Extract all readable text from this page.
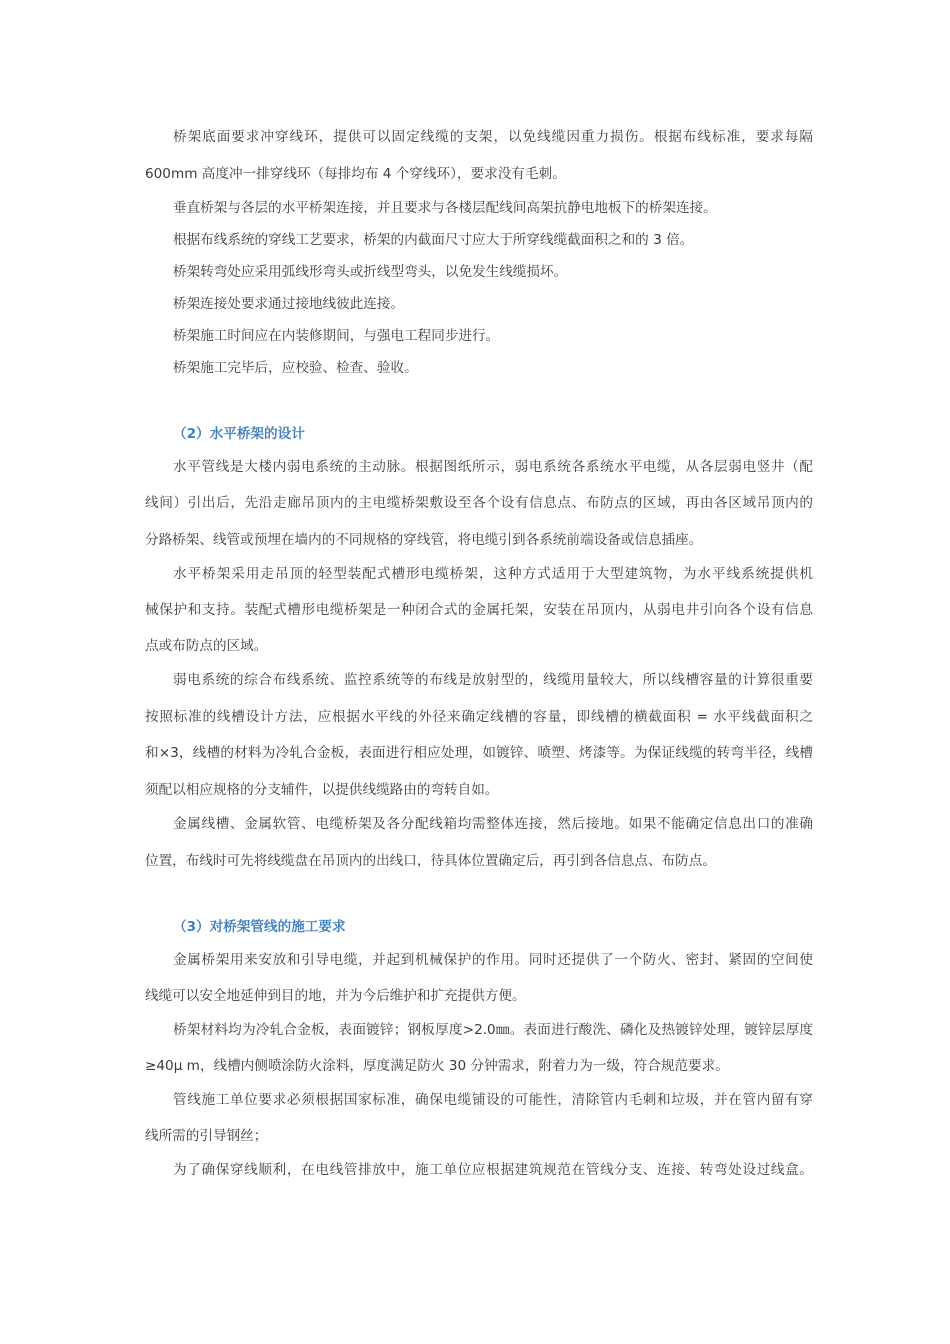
桥架底面要求冲穿线环，提供可以固定线缆的支架，以免线缆因重力损伤。根据布线标准，要求每隔

600mm 高度冲一排穿线环（每排均布 4 个穿线环），要求没有毛刺。

垂直桥架与各层的水平桥架连接，并且要求与各楼层配线间高架抗静电地板下的桥架连接。

根据布线系统的穿线工艺要求，桥架的内截面尺寸应大于所穿线缆截面积之和的 3 倍。

桥架转弯处应采用弧线形弯头或折线型弯头，以免发生线缆损坏。

桥架连接处要求通过接地线彼此连接。

桥架施工时间应在内装修期间，与强电工程同步进行。

桥架施工完毕后，应校验、检查、验收。

（2）水平桥架的设计

水平管线是大楼内弱电系统的主动脉。根据图纸所示，弱电系统各系统水平电缆，从各层弱电竖井（配

线间）引出后，先沿走廊吊顶内的主电缆桥架敷设至各个设有信息点、布防点的区域，再由各区域吊顶内的

分路桥架、线管或预埋在墙内的不同规格的穿线管，将电缆引到各系统前端设备或信息插座。

水平桥架采用走吊顶的轻型装配式槽形电缆桥架，这种方式适用于大型建筑物，为水平线系统提供机

械保护和支持。装配式槽形电缆桥架是一种闭合式的金属托架，安装在吊顶内，从弱电井引向各个设有信息

点或布防点的区域。

弱电系统的综合布线系统、监控系统等的布线是放射型的，线缆用量较大，所以线槽容量的计算很重要

按照标准的线槽设计方法，应根据水平线的外径来确定线槽的容量，即线槽的横截面积 = 水平线截面积之

和×3，线槽的材料为冷轧合金板，表面进行相应处理，如镀锌、喷塑、烤漆等。为保证线缆的转弯半径，线槽

须配以相应规格的分支辅件，以提供线缆路由的弯转自如。

金属线槽、金属软管、电缆桥架及各分配线箱均需整体连接，然后接地。如果不能确定信息出口的准确

位置，布线时可先将线缆盘在吊顶内的出线口，待具体位置确定后，再引到各信息点、布防点。

（3）对桥架管线的施工要求

金属桥架用来安放和引导电缆，并起到机械保护的作用。同时还提供了一个防火、密封、紧固的空间使

线缆可以安全地延伸到目的地，并为今后维护和扩充提供方便。

桥架材料均为冷轧合金板，表面镀锌；钢板厚度>2.0㎜。表面进行酸洗、磷化及热镀锌处理，镀锌层厚度

≥40μ m，线槽内侧喷涂防火涂料，厚度满足防火 30 分钟需求，附着力为一级，符合规范要求。

管线施工单位要求必须根据国家标准，确保电缆铺设的可能性，清除管内毛刺和垃圾，并在管内留有穿

线所需的引导钢丝；

为了确保穿线顺利，在电线管排放中，施工单位应根据建筑规范在管线分支、连接、转弯处设过线盒。
